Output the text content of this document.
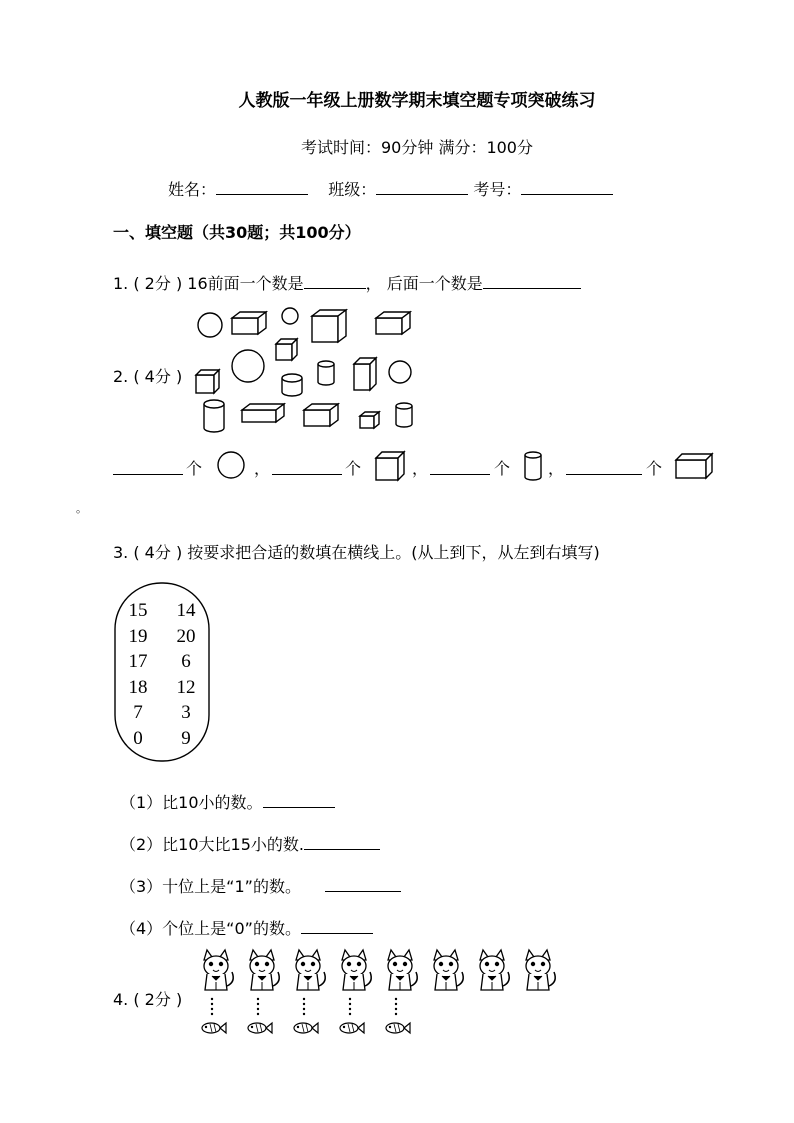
人教版一年级上册数学期末填空题专项突破练习
考试时间：90分钟 满分：100分
姓名：	班级：	考号：
一、填空题（共30题；共100分）
1. ( 2分 ) 16前面一个数是	， 后面一个数是
2. ( 4分 )
个	，	个	，	个 ，	个
。
3. ( 4分 ) 按要求把合适的数填在横线上。(从上到下，从左到右填写)
15 14
19 20
17	6
18 12
7	3
0	9
（1）比10小的数。
（2）比10大比15小的数.
（3）十位上是“1”的数。
（4）个位上是“0”的数。
4. ( 2分 )
